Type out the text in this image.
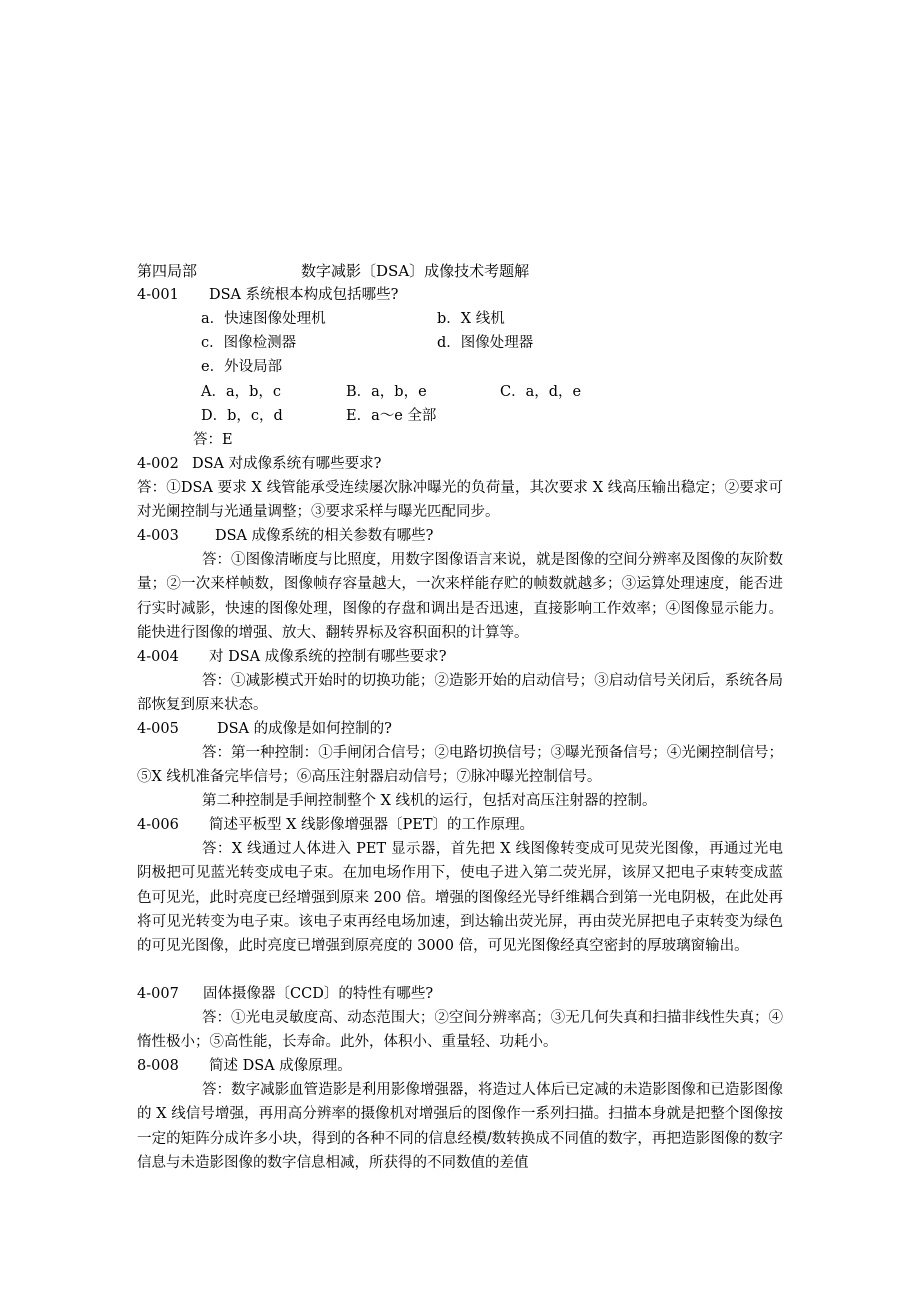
第四局部	数字减影〔DSA〕成像技术考题解
4-001 DSA 系统根本构成包括哪些?
a．快速图像处理机	b．X 线机
c．图像检测器	d．图像处理器
e．外设局部
A．a，b，c	B．a，b，e	C．a，d，e
D．b，c，d	E．a～e 全部
答：E
4-002 DSA 对成像系统有哪些要求?
答：①DSA 要求 X 线管能承受连续屡次脉冲曝光的负荷量，其次要求 X 线高压输出稳定；②要求可对光阑控制与光通量调整；③要求采样与曝光匹配同步。
4-003 DSA 成像系统的相关参数有哪些?
答：①图像清晰度与比照度，用数字图像语言来说，就是图像的空间分辨率及图像的灰阶数量；②一次来样帧数，图像帧存容量越大，一次来样能存贮的帧数就越多；③运算处理速度，能否进行实时减影，快速的图像处理，图像的存盘和调出是否迅速，直接影响工作效率；④图像显示能力。能快进行图像的增强、放大、翻转界标及容积面积的计算等。
4-004 对 DSA 成像系统的控制有哪些要求?
答：①减影模式开始时的切换功能；②造影开始的启动信号；③启动信号关闭后，系统各局部恢复到原来状态。
4-005	DSA 的成像是如何控制的?
答：第一种控制：①手闸闭合信号；②电路切换信号；③曝光预备信号；④光阑控制信号；⑤X 线机准备完毕信号；⑥高压注射器启动信号；⑦脉冲曝光控制信号。
第二种控制是手闸控制整个 X 线机的运行，包括对高压注射器的控制。
4-006 简述平板型 X 线影像增强器〔PET〕的工作原理。
答：X 线通过人体进入 PET 显示器，首先把 X 线图像转变成可见荧光图像，再通过光电阴极把可见蓝光转变成电子束。在加电场作用下，使电子进入第二荧光屏，该屏又把电子束转变成蓝色可见光，此时亮度已经增强到原来 200 倍。增强的图像经光导纤维耦合到第一光电阴极，在此处再将可见光转变为电子束。该电子束再经电场加速，到达输出荧光屏，再由荧光屏把电子束转变为绿色的可见光图像，此时亮度已增强到原亮度的 3000 倍，可见光图像经真空密封的厚玻璃窗输出。
4-007 固体摄像器〔CCD〕的特性有哪些?
答：①光电灵敏度高、动态范围大；②空间分辨率高；③无几何失真和扫描非线性失真；④惰性极小；⑤高性能，长寿命。此外，体积小、重量轻、功耗小。
8-008 简述 DSA 成像原理。
答：数字减影血管造影是利用影像增强器，将造过人体后已定减的未造影图像和已造影图像的 X 线信号增强，再用高分辨率的摄像机对增强后的图像作一系列扫描。扫描本身就是把整个图像按一定的矩阵分成许多小块，得到的各种不同的信息经模/数转换成不同值的数字，再把造影图像的数字信息与未造影图像的数字信息相减，所获得的不同数值的差值
